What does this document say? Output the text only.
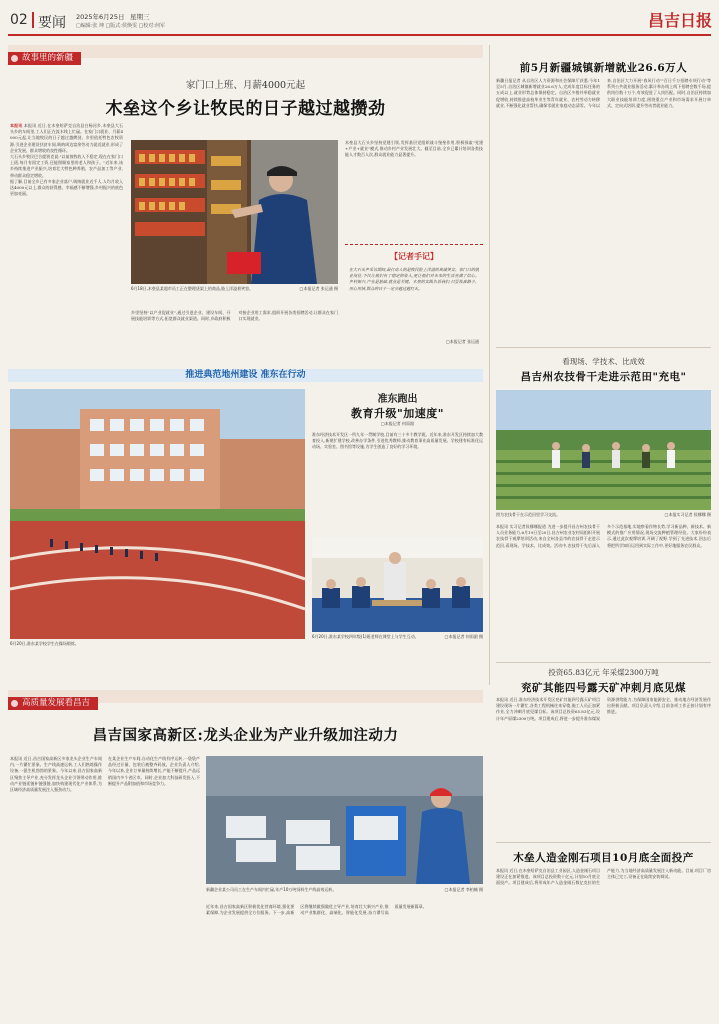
02 要闻 2025年6月25日 星期三
□编辑:张 坤 □版式:侯焕雯 □校对:何军	昌吉日报
故事里的新疆
家门口上班、月薪4000元起
木垒这个乡让牧民的日子越过越攒劲
本报讯 本报讯 近日,在木垒哈萨克自治县白杨河乡,木垒县大石头乡的车间里,工人们正在流水线上忙碌。在家门口就业、月薪4000元起,让当地牧民的日子越过越攒劲。乡里依托特色农牧资源,引进企业建设扶贫车间,吸纳周边富余劳动力就近就业,形成了企业发展、群众增收的良性循环。
大石头乡牧民巴合提别克说:"以前放牧收入不稳定,现在在家门口上班,每月有固定工资,还能照顾家里的老人和孩子。"近年来,该乡持续推进产业振兴,培育壮大特色种养殖、农产品加工等产业,带动群众稳定增收。
据了解,目前全乡已有多家企业落户,吸纳就业近千人,人均月收入达4000元以上,群众的获得感、幸福感不断增强,乡村振兴的底色更加亮丽。
6月18日,木垒县某超市员工正在整理货架上的商品,脸上洋溢着笑容。	□本报记者 张运通 摄
乡里坚持"以产业促就业",通过引进企业、建设车间、开展技能培训等方式,拓宽群众就业渠道。同时,乡政府积极对接企业用工需求,组织开展各类招聘活动,让群众在家门口实现就业。
木垒县大石头乡坚持党建引领,发挥基层党组织战斗堡垒作用,积极探索"党建+产业+就业"模式,推动乡村产业发展壮大。截至目前,全乡已累计培训各类技能人才数百人次,群众就业能力显著提升。
【记者手记】
在大石头乡采访期间,最打动人的是牧民脸上洋溢的真诚笑容。家门口的就业岗位,不仅让他们有了稳定的收入,更让他们对未来的生活充满了信心。乡村振兴,产业是基础,就业是关键。木垒的实践告诉我们,只要找准路子、用心用情,群众的日子一定会越过越红火。
□本报记者 张运通
前5月新疆城镇新增就业26.6万人
新疆日报记者 从自治区人力资源和社会保障厅获悉,今年1至5月,自治区城镇新增就业26.6万人,完成年度目标任务的五成以上,就业形势总体保持稳定。自治区多措并举稳就业促增收,持续推进高校毕业生等青年就业、农村劳动力转移就业,不断强化就业帮扶,确保零就业家庭动态清零。今年以来,自治区大力开展"春风行动""百日千万招聘专项行动"等系列公共就业服务活动,累计举办线上线下招聘会数千场,提供岗位数十万个,有效促进了人岗匹配。同时,自治区持续加大职业技能培训力度,围绕重点产业和市场需求开展订单式、定向式培训,提升劳动者就业能力。
看现场、学技术、比成效
昌吉州农技骨干走进示范田"充电"
图为农技骨干在示范田里学习交流。	□本报实习记者 侯娜娜 摄
本报讯 实习记者侯娜娜报道 为进一步提升昌吉州农技骨干人员业务能力,6月19日至20日,昌吉州农业农村局组织开展农技骨干观摩培训活动,来自全州各县市的农技骨干走进示范田,看现场、学技术、比成效。活动中,农技骨干先后深入多个示范基地,实地察看作物长势,学习新品种、新技术、新模式的推广应用情况,现场交流种植管理经验。大家纷纷表示,通过此次观摩培训,开阔了视野,学到了先进技术,回去后将把所学知识运用到实际工作中,更好地服务农民群众。
推进典范地州建设 准东在行动
6月20日,准东某学校学生在操场锻炼。
准东跑出
教育升级"加速度"
□本报记者 何雨湄
准东经济技术开发区一所九年一贯制学校,目前有三十多个教学班。近年来,准东开发区持续加大教育投入,新建扩建学校,改善办学条件,引进优秀教师,推动教育事业高质量发展。学校建有标准化运动场、实验室、图书馆等设施,为学生创造了良好的学习环境。
6月20日,准东某学校四年级(1)班老师在课堂上与学生互动。	□本报记者 何雨湄 摄
投资65.83亿元 年采煤2300万吨
兖矿其能四号露天矿冲刺月底见煤
本报讯 近日,准东经济技术开发区兖矿其能四号露天矿项目建设现场一片繁忙,各类工程机械往来穿梭,施工人员正加紧作业,全力冲刺月底见煤目标。该项目总投资65.83亿元,设计年产原煤2300万吨。项目建成后,将进一步提升准东煤炭资源供给能力,为保障国家能源安全、推动地方经济发展作出积极贡献。项目负责人介绍,目前各项工作正按计划有序推进。
木垒人造金刚石项目10月底全面投产
本报讯 近日,在木垒哈萨克自治县工业园区,人造金刚石项目建设正在加紧推进。该项目总投资数十亿元,计划10月底全面投产。项目建成后,将形成年产人造金刚石数亿克拉的生产能力,为当地经济高质量发展注入新动能。目前,项目厂房主体已完工,设备正在陆续安装调试。
高质量发展看昌吉
昌吉国家高新区:龙头企业为产业升级加注动力
本报讯 近日,昌吉国家高新区多家龙头企业生产车间内,一片繁忙景象。生产线高速运转,工人们熟练操作设备,一派生机勃勃的景象。今年以来,昌吉国家高新区聚焦主导产业,充分发挥龙头企业引领带动作用,推动产业链延链补链强链,加快构建现代化产业体系,为区域经济高质量发展注入强劲动力。
在某企业生产车间,自动化生产线有序运转,一袋袋产品经过计量、包装后被整齐码放。企业负责人介绍,今年以来,企业订单量持续增长,产能不断提升,产品远销国内多个省区市。同时,企业加大科技研发投入,不断提升产品附加值和市场竞争力。
新疆企业某公司员工在生产车间内忙碌,年产10万吨饲料生产线高效运转。	□本报记者 李柏楠 摄
近年来,昌吉国家高新区积极优化营商环境,强化要素保障,为企业发展提供全方位服务。下一步,高新区将继续做强做优主导产业,培育壮大新兴产业,推动产业集群化、高端化、智能化发展,奋力谱写高质量发展新篇章。
